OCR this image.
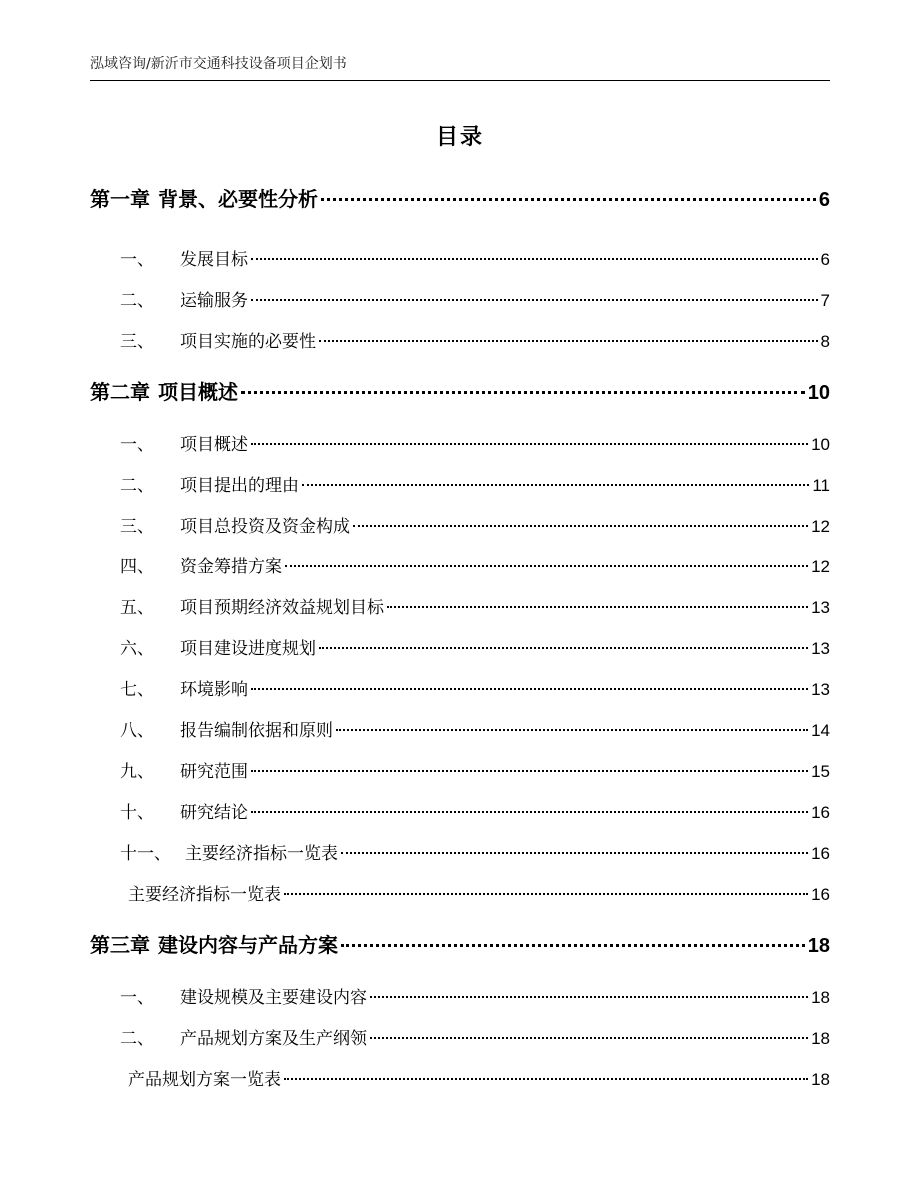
泓域咨询/新沂市交通科技设备项目企划书
目录
第一章 背景、必要性分析	6
一、 发展目标	6
二、 运输服务	7
三、 项目实施的必要性	8
第二章 项目概述	10
一、 项目概述	10
二、 项目提出的理由	11
三、 项目总投资及资金构成	12
四、 资金筹措方案	12
五、 项目预期经济效益规划目标	13
六、 项目建设进度规划	13
七、 环境影响	13
八、 报告编制依据和原则	14
九、 研究范围	15
十、 研究结论	16
十一、 主要经济指标一览表	16
主要经济指标一览表	16
第三章 建设内容与产品方案	18
一、 建设规模及主要建设内容	18
二、 产品规划方案及生产纲领	18
产品规划方案一览表	18
